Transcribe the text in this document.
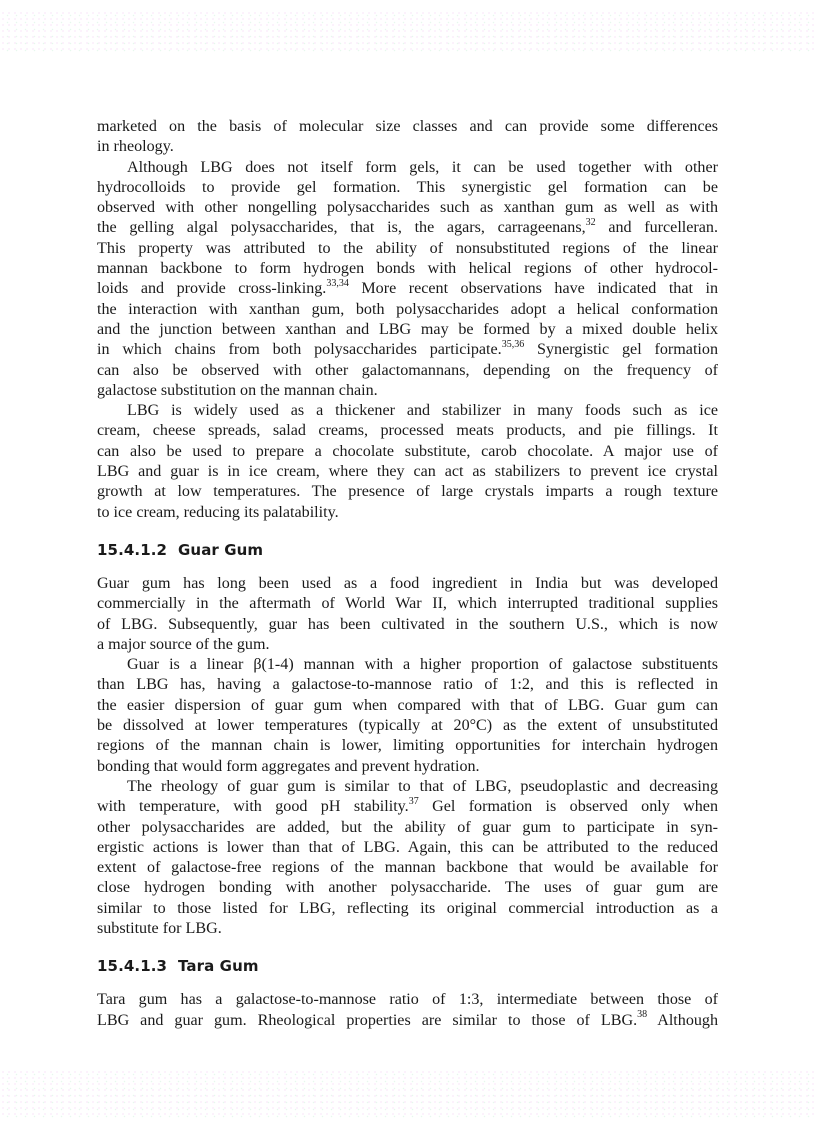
marketed on the basis of molecular size classes and can provide some differences
in rheology.
Although LBG does not itself form gels, it can be used together with other
hydrocolloids to provide gel formation. This synergistic gel formation can be
observed with other nongelling polysaccharides such as xanthan gum as well as with
the gelling algal polysaccharides, that is, the agars, carrageenans,$^{32}$ and furcelleran.
This property was attributed to the ability of nonsubstituted regions of the linear
mannan backbone to form hydrogen bonds with helical regions of other hydrocol-
loids and provide cross-linking.$^{33,34}$ More recent observations have indicated that in
the interaction with xanthan gum, both polysaccharides adopt a helical conformation
and the junction between xanthan and LBG may be formed by a mixed double helix
in which chains from both polysaccharides participate.$^{35,36}$ Synergistic gel formation
can also be observed with other galactomannans, depending on the frequency of
galactose substitution on the mannan chain.
LBG is widely used as a thickener and stabilizer in many foods such as ice
cream, cheese spreads, salad creams, processed meats products, and pie fillings. It
can also be used to prepare a chocolate substitute, carob chocolate. A major use of
LBG and guar is in ice cream, where they can act as stabilizers to prevent ice crystal
growth at low temperatures. The presence of large crystals imparts a rough texture
to ice cream, reducing its palatability.
15.4.1.2 Guar Gum
Guar gum has long been used as a food ingredient in India but was developed
commercially in the aftermath of World War II, which interrupted traditional supplies
of LBG. Subsequently, guar has been cultivated in the southern U.S., which is now
a major source of the gum.
Guar is a linear β(1-4) mannan with a higher proportion of galactose substituents
than LBG has, having a galactose-to-mannose ratio of 1:2, and this is reflected in
the easier dispersion of guar gum when compared with that of LBG. Guar gum can
be dissolved at lower temperatures (typically at 20°C) as the extent of unsubstituted
regions of the mannan chain is lower, limiting opportunities for interchain hydrogen
bonding that would form aggregates and prevent hydration.
The rheology of guar gum is similar to that of LBG, pseudoplastic and decreasing
with temperature, with good pH stability.$^{37}$ Gel formation is observed only when
other polysaccharides are added, but the ability of guar gum to participate in syn-
ergistic actions is lower than that of LBG. Again, this can be attributed to the reduced
extent of galactose-free regions of the mannan backbone that would be available for
close hydrogen bonding with another polysaccharide. The uses of guar gum are
similar to those listed for LBG, reflecting its original commercial introduction as a
substitute for LBG.
15.4.1.3 Tara Gum
Tara gum has a galactose-to-mannose ratio of 1:3, intermediate between those of
LBG and guar gum. Rheological properties are similar to those of LBG.$^{38}$ Although
